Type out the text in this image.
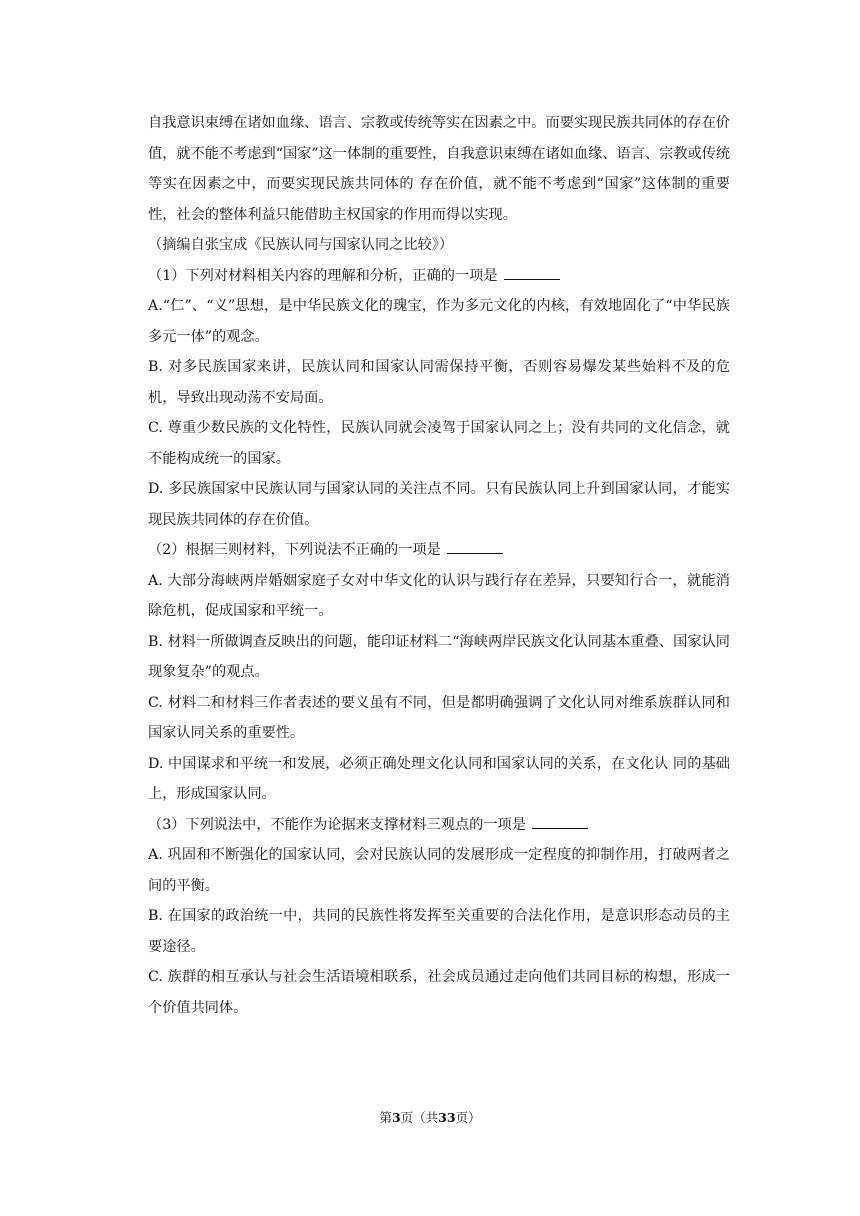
自我意识束缚在诸如血缘、语言、宗教或传统等实在因素之中。而要实现民族共同体的存在价值，就不能不考虑到“国家”这一体制的重要性，自我意识束缚在诸如血缘、语言、宗教或传统等实在因素之中，而要实现民族共同体的 存在价值，就不能不考虑到“国家”这体制的重要性，社会的整体利益只能借助主权国家的作用而得以实现。

（摘编自张宝成《民族认同与国家认同之比较》）

（1）下列对材料相关内容的理解和分析，正确的一项是

A.“仁”、“义”思想，是中华民族文化的瑰宝，作为多元文化的内核，有效地固化了“中华民族多元一体”的观念。

B. 对多民族国家来讲，民族认同和国家认同需保持平衡，否则容易爆发某些始料不及的危机，导致出现动荡不安局面。

C. 尊重少数民族的文化特性，民族认同就会凌驾于国家认同之上；没有共同的文化信念，就不能构成统一的国家。

D. 多民族国家中民族认同与国家认同的关注点不同。只有民族认同上升到国家认同，才能实现民族共同体的存在价值。

（2）根据三则材料，下列说法不正确的一项是

A. 大部分海峡两岸婚姻家庭子女对中华文化的认识与践行存在差异，只要知行合一，就能消除危机，促成国家和平统一。

B. 材料一所做调查反映出的问题，能印证材料二“海峡两岸民族文化认同基本重叠、国家认同现象复杂”的观点。

C. 材料二和材料三作者表述的要义虽有不同，但是都明确强调了文化认同对维系族群认同和国家认同关系的重要性。

D. 中国谋求和平统一和发展，必须正确处理文化认同和国家认同的关系，在文化认 同的基础上，形成国家认同。

（3）下列说法中，不能作为论据来支撑材料三观点的一项是

A. 巩固和不断强化的国家认同，会对民族认同的发展形成一定程度的抑制作用，打破两者之间的平衡。

B. 在国家的政治统一中，共同的民族性将发挥至关重要的合法化作用，是意识形态动员的主要途径。

C. 族群的相互承认与社会生活语境相联系，社会成员通过走向他们共同目标的构想，形成一个价值共同体。

第3页（共33页）
